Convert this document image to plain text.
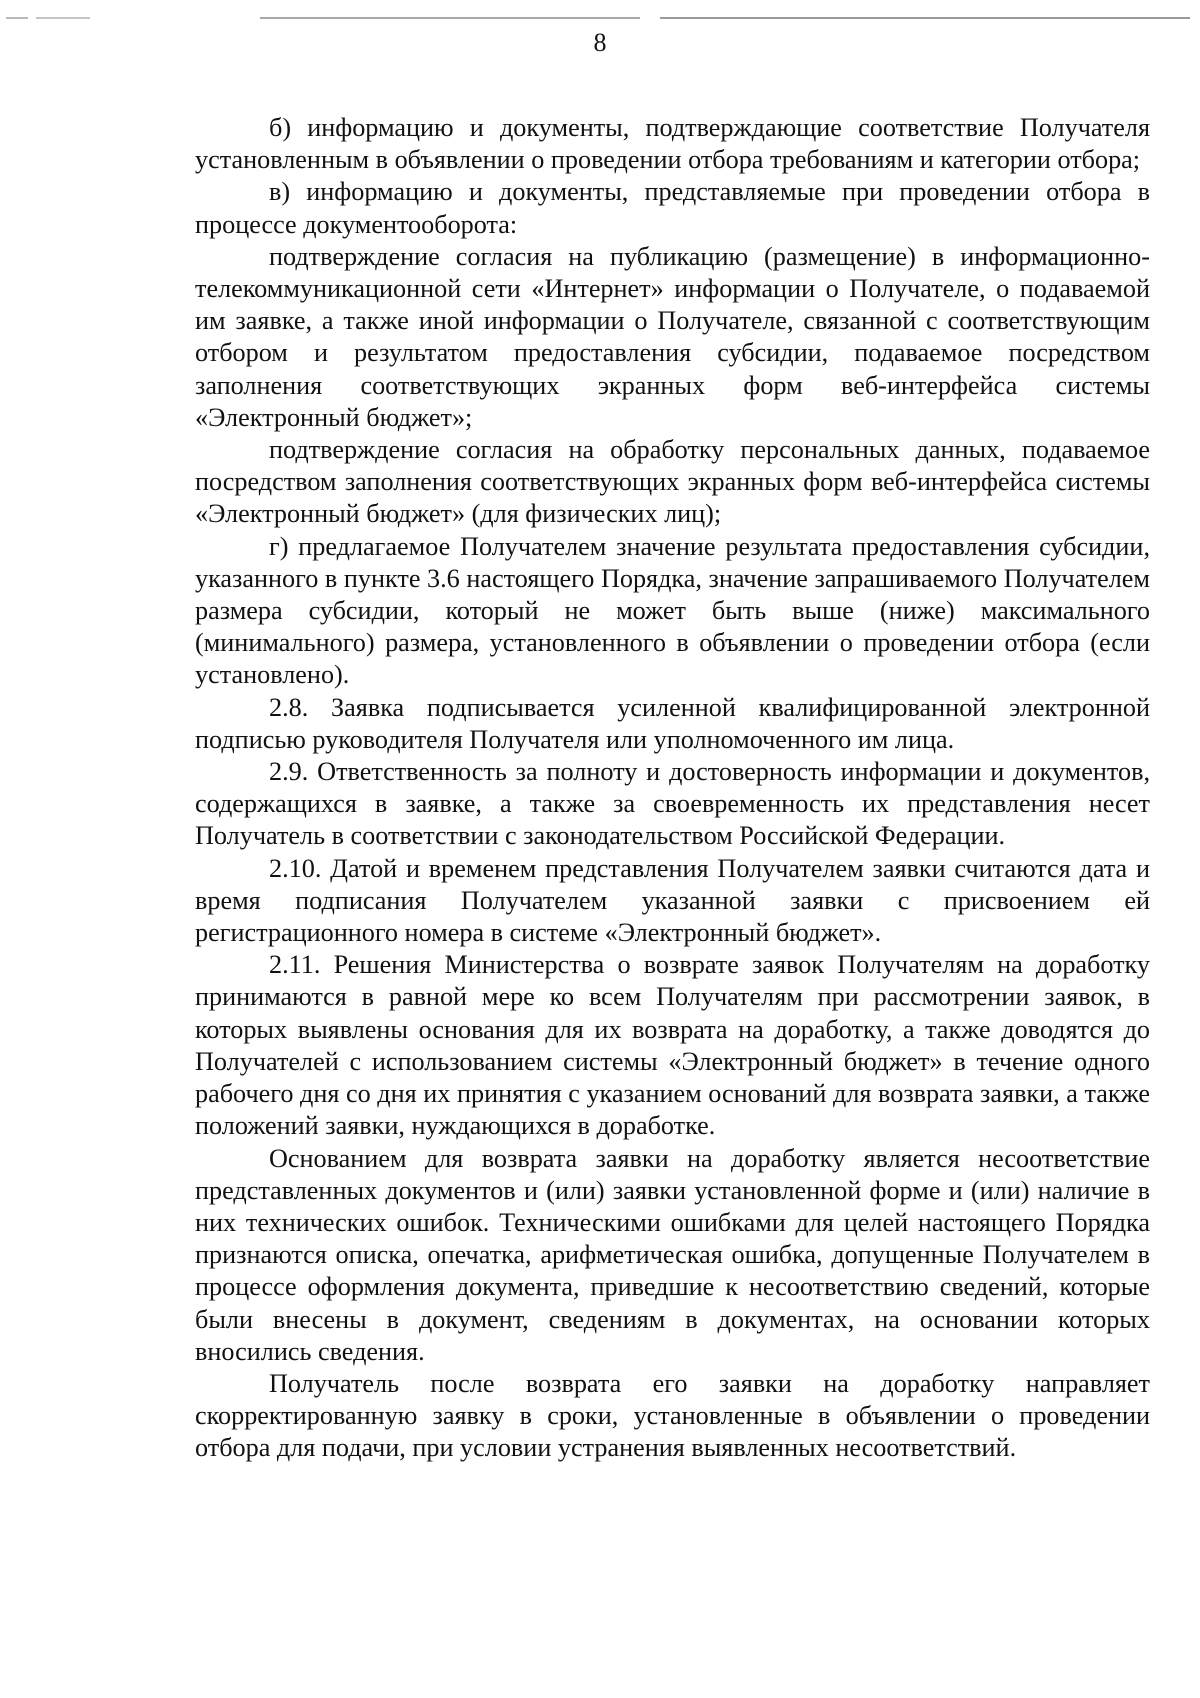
8

б) информацию и документы, подтверждающие соответствие Получателя установленным в объявлении о проведении отбора требованиям и категории отбора;

в) информацию и документы, представляемые при проведении отбора в процессе документооборота:

подтверждение согласия на публикацию (размещение) в информационно-телекоммуникационной сети «Интернет» информации о Получателе, о подаваемой им заявке, а также иной информации о Получателе, связанной с соответствующим отбором и результатом предоставления субсидии, подаваемое посредством заполнения соответствующих экранных форм веб-интерфейса системы «Электронный бюджет»;

подтверждение согласия на обработку персональных данных, подаваемое посредством заполнения соответствующих экранных форм веб-интерфейса системы «Электронный бюджет» (для физических лиц);

г) предлагаемое Получателем значение результата предоставления субсидии, указанного в пункте 3.6 настоящего Порядка, значение запрашиваемого Получателем размера субсидии, который не может быть выше (ниже) максимального (минимального) размера, установленного в объявлении о проведении отбора (если установлено).

2.8. Заявка подписывается усиленной квалифицированной электронной подписью руководителя Получателя или уполномоченного им лица.

2.9. Ответственность за полноту и достоверность информации и документов, содержащихся в заявке, а также за своевременность их представления несет Получатель в соответствии с законодательством Российской Федерации.

2.10. Датой и временем представления Получателем заявки считаются дата и время подписания Получателем указанной заявки с присвоением ей регистрационного номера в системе «Электронный бюджет».

2.11. Решения Министерства о возврате заявок Получателям на доработку принимаются в равной мере ко всем Получателям при рассмотрении заявок, в которых выявлены основания для их возврата на доработку, а также доводятся до Получателей с использованием системы «Электронный бюджет» в течение одного рабочего дня со дня их принятия с указанием оснований для возврата заявки, а также положений заявки, нуждающихся в доработке.

Основанием для возврата заявки на доработку является несоответствие представленных документов и (или) заявки установленной форме и (или) наличие в них технических ошибок. Техническими ошибками для целей настоящего Порядка признаются описка, опечатка, арифметическая ошибка, допущенные Получателем в процессе оформления документа, приведшие к несоответствию сведений, которые были внесены в документ, сведениям в документах, на основании которых вносились сведения.

Получатель после возврата его заявки на доработку направляет скорректированную заявку в сроки, установленные в объявлении о проведении отбора для подачи, при условии устранения выявленных несоответствий.
